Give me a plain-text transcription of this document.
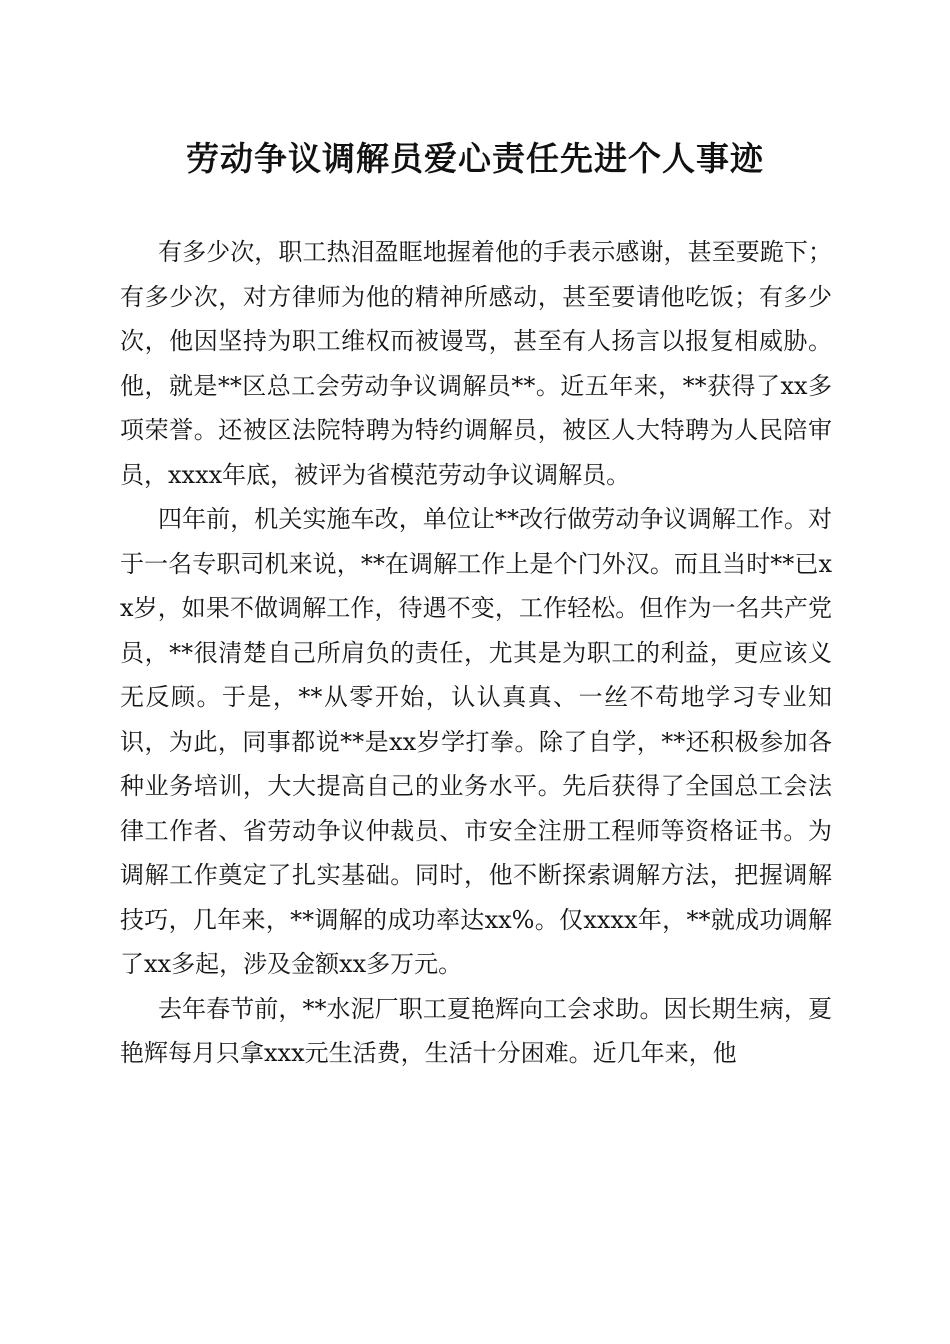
劳动争议调解员爱心责任先进个人事迹

有多少次，职工热泪盈眶地握着他的手表示感谢，甚至要跪下；有多少次，对方律师为他的精神所感动，甚至要请他吃饭；有多少次，他因坚持为职工维权而被谩骂，甚至有人扬言以报复相威胁。他，就是**区总工会劳动争议调解员**。近五年来，**获得了xx多项荣誉。还被区法院特聘为特约调解员，被区人大特聘为人民陪审员，xxxx年底，被评为省模范劳动争议调解员。

四年前，机关实施车改，单位让**改行做劳动争议调解工作。对于一名专职司机来说，**在调解工作上是个门外汉。而且当时**已xx岁，如果不做调解工作，待遇不变，工作轻松。但作为一名共产党员，**很清楚自己所肩负的责任，尤其是为职工的利益，更应该义无反顾。于是，**从零开始，认认真真、一丝不苟地学习专业知识，为此，同事都说**是xx岁学打拳。除了自学，**还积极参加各种业务培训，大大提高自己的业务水平。先后获得了全国总工会法律工作者、省劳动争议仲裁员、市安全注册工程师等资格证书。为调解工作奠定了扎实基础。同时，他不断探索调解方法，把握调解技巧，几年来，**调解的成功率达xx%。仅xxxx年，**就成功调解了xx多起，涉及金额xx多万元。

去年春节前，**水泥厂职工夏艳辉向工会求助。因长期生病，夏艳辉每月只拿xxx元生活费，生活十分困难。近几年来，他
